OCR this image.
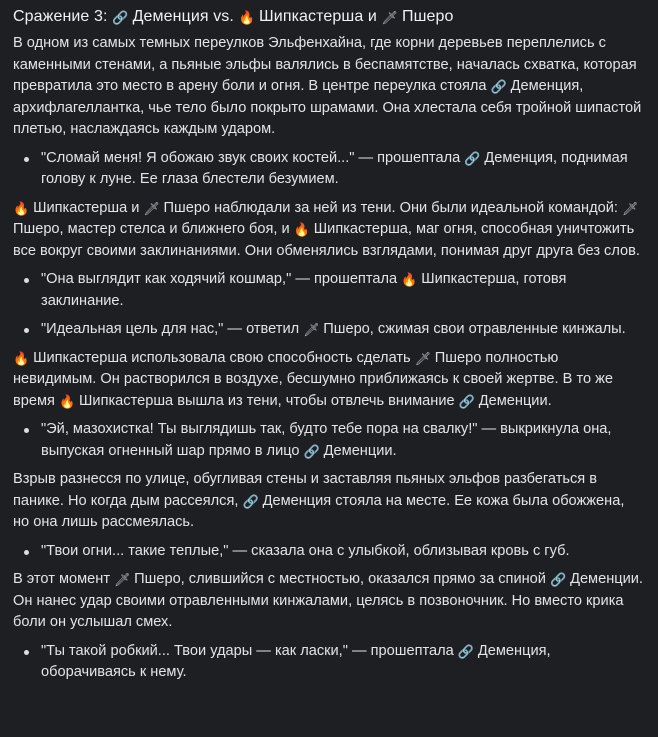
Сражение 3: 🔗 Деменция vs. 🔥 Шипкастерша и 🗡 Пшеро

В одном из самых темных переулков Эльфенхайна, где корни деревьев переплелись с каменными стенами, а пьяные эльфы валялись в беспамятстве, началась схватка, которая превратила это место в арену боли и огня. В центре переулка стояла 🔗 Деменция, архифлагеллантка, чье тело было покрыто шрамами. Она хлестала себя тройной шипастой плетью, наслаждаясь каждым ударом.

"Сломай меня! Я обожаю звук своих костей..." — прошептала 🔗 Деменция, поднимая голову к луне. Ее глаза блестели безумием.

🔥 Шипкастерша и 🗡 Пшеро наблюдали за ней из тени. Они были идеальной командой: 🗡 Пшеро, мастер стелса и ближнего боя, и 🔥 Шипкастерша, маг огня, способная уничтожить все вокруг своими заклинаниями. Они обменялись взглядами, понимая друг друга без слов.

"Она выглядит как ходячий кошмар," — прошептала 🔥 Шипкастерша, готовя заклинание.
"Идеальная цель для нас," — ответил 🗡 Пшеро, сжимая свои отравленные кинжалы.

🔥 Шипкастерша использовала свою способность сделать 🗡 Пшеро полностью невидимым. Он растворился в воздухе, бесшумно приближаясь к своей жертве. В то же время 🔥 Шипкастерша вышла из тени, чтобы отвлечь внимание 🔗 Деменции.

"Эй, мазохистка! Ты выглядишь так, будто тебе пора на свалку!" — выкрикнула она, выпуская огненный шар прямо в лицо 🔗 Деменции.

Взрыв разнесся по улице, обугливая стены и заставляя пьяных эльфов разбегаться в панике. Но когда дым рассеялся, 🔗 Деменция стояла на месте. Ее кожа была обожжена, но она лишь рассмеялась.

"Твои огни... такие теплые," — сказала она с улыбкой, облизывая кровь с губ.

В этот момент 🗡 Пшеро, слившийся с местностью, оказался прямо за спиной 🔗 Деменции. Он нанес удар своими отравленными кинжалами, целясь в позвоночник. Но вместо крика боли он услышал смех.

"Ты такой робкий... Твои удары — как ласки," — прошептала 🔗 Деменция, оборачиваясь к нему.
